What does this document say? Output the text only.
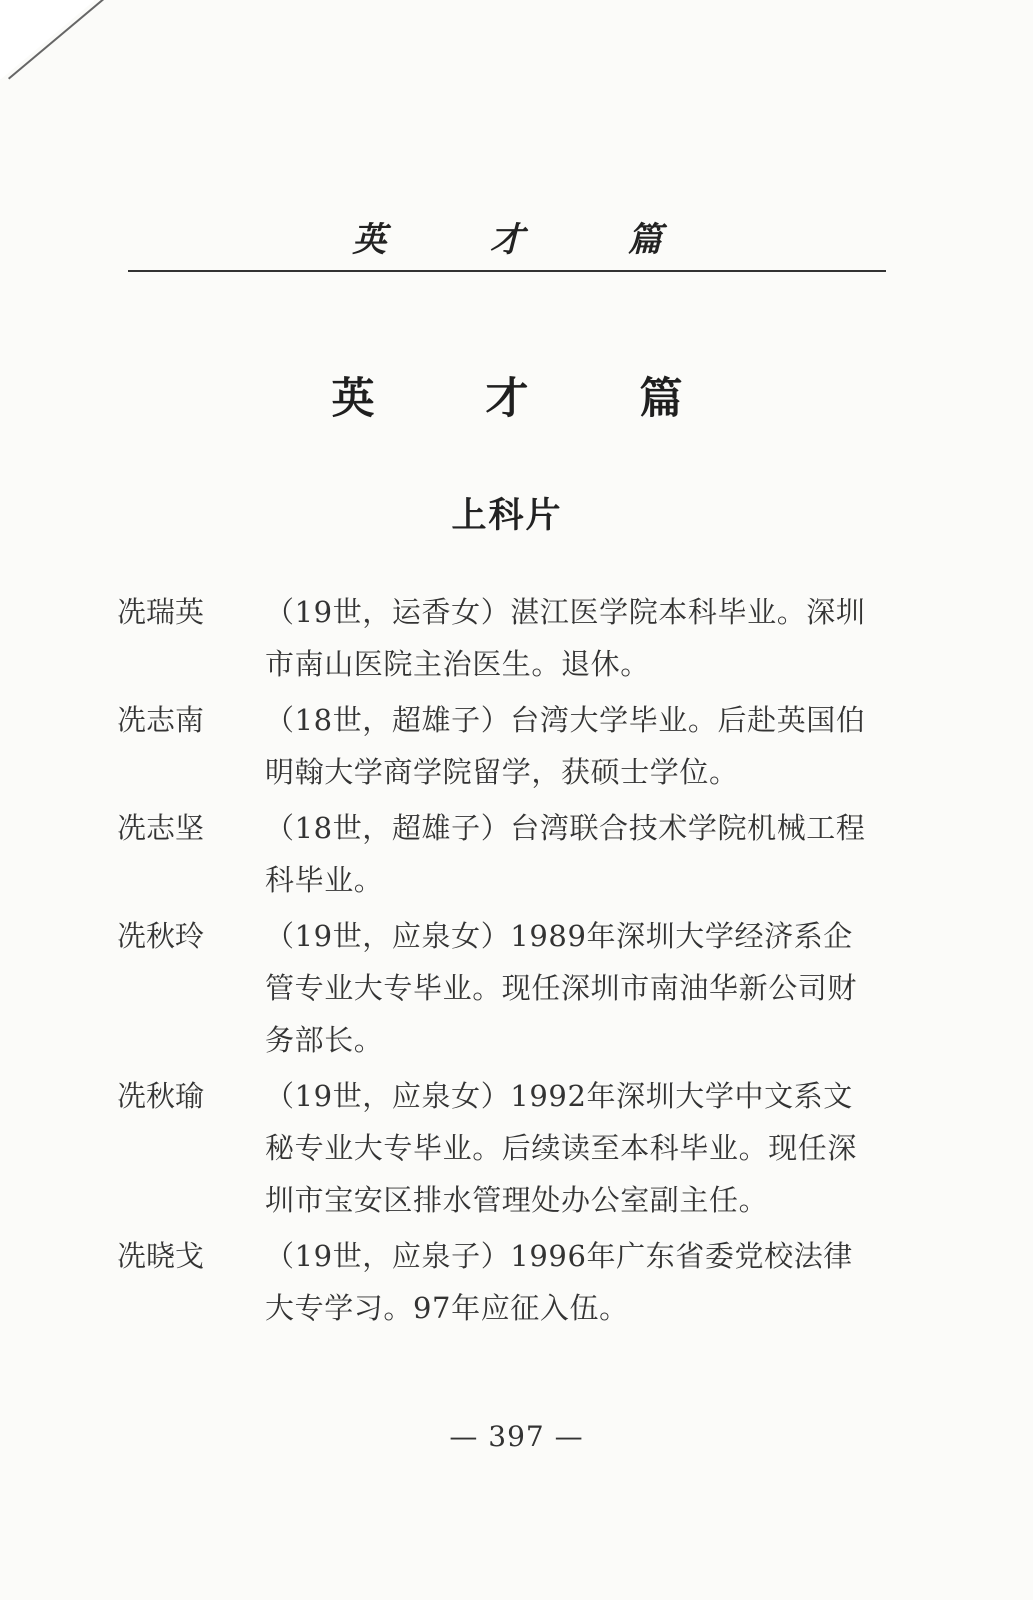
英 才 篇
英 才 篇
上科片
冼瑞英	（19世，运香女）湛江医学院本科毕业。深圳市南山医院主治医生。退休。
冼志南	（18世，超雄子）台湾大学毕业。后赴英国伯明翰大学商学院留学，获硕士学位。
冼志坚	（18世，超雄子）台湾联合技术学院机械工程科毕业。
冼秋玲	（19世，应泉女）1989年深圳大学经济系企管专业大专毕业。现任深圳市南油华新公司财务部长。
冼秋瑜	（19世，应泉女）1992年深圳大学中文系文秘专业大专毕业。后续读至本科毕业。现任深圳市宝安区排水管理处办公室副主任。
冼晓戈	（19世，应泉子）1996年广东省委党校法律大专学习。97年应征入伍。
— 397 —
